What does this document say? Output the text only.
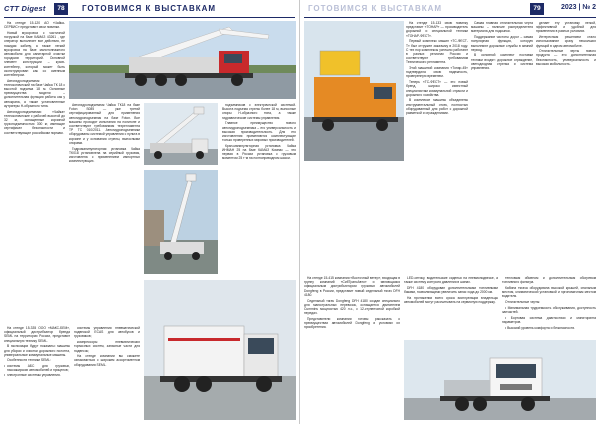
CTT Digest	78	ГОТОВИМСЯ К ВЫСТАВКАМ

На стенде 15-120 АО «Чайка-СЕРВИС» представит свои новинки.

Новый мусоровоз с частичной погрузкой на базе КАМАЗ 43261 , где оператор выполняет все действия, не покидая кабину, а также легкий мусоровоз на базе малотоннажного автомобиля для санитарной очистки городских территорий. Основной элемент конструкции – кузов-контейнер, который может быть сконструирован как со сменным контейнером.

Автогидроподъемник телескопический на базе Чайка ТК 18 с высотой подъема 18 м. Основные преимущества модели – дополнительная функция работы как у автокрана, а также установленные аутригеры Н-образного типа.

Автогидроподъемники «Чайка» телескопические с рабочей высотой до 32 м, оснащенные корзиной грузоподъемностью 300 кг, имеющие сертификат безопасности и соответствующие российским нормам.

Автогидроподъемник Чайка ТК18 на базе Foton S085 — уже третий сертифицированный для применения автогидроподъемник на базе Foton. Все машины проходят испытания на полигоне и соответствуют требованиям техрегламента ТР ТС 010/2011. Автогидроподъемники оборудованы системой управления с пульта в корзине и у основания стрелы, выносными опорами.

Гидроманипуляторная установка Чайка TK018 установлена на серийный грузовик, изготовлена с применением импортных комплектующих.

подъемников с электрической системой. Высота подъема стрелы более 18 м, выносные опоры Н-образного типа, а также гидравлические системы управления.

Главное преимущество нового автогидроподъемника – его универсальность и высокая производительность. Для его изготовления применяются комплектующие только проверенных мировых производителей.

Кран-манипуляторная установка Чайка ИНМАН 25 на базе КАМАЗ Компас — это первая в России установка с грузовым моментом 25 т·м на полноприводном шасси.

На стенде 15-335 ООО «МАКС-БЕМ», официальный дистрибьютор бренда SEML на территории России, представит специальную технику SEML.

В экспозиции будут показаны: машины для уборки и очистки дорожного полотна, универсальные коммунальные машины.

Особенности техники SEML:

• системы АБС для грузовых, пассажирских автомобилей и прицепов;
• электронные системы управления.

системы управления пневматической подвеской ECAS для автобусов и грузовиков;

компрессоры пневматических тормозных систем, запасные части для подвесок;

На стенде компании вы сможете ознакомиться с широким ассортиментом оборудования SEML.

ГОТОВИМСЯ К ВЫСТАВКАМ	79	2023 | № 2

На стенде 15-133 свою новинку представит «ТОНАР» — производитель дорожной и специальной техники «ТОНАР-ФЕСТ».

Первый комплекс машин «ТС-ФЕСТ-Т» был отгружен заказчику в 2018 году. С тех пор комплексы успешно работают в разных регионах России и соответствуют требованиям Технического регламента.

Этой машиной компания «Тонар-45» подтвердила свою надежность, проверенную временем.

Теперь «ТС-ФЕСТ» — это новый бренд, широко известный специалистам коммунальной отрасли и дорожного хозяйства.

В комплексе машины объединены инструментальный отсек, полностью оборудованный для работ с дорожной разметкой и ограждениями.

Самая главная отличительная черта машины – наличие распределителя материала для подсыпки.

Поддержание чистоты дорог – самая популярная функция, которую выполняют дорожные службы в зимний период.

В основной комплект поставки техники входят: дорожное ограждение, светодиодная стрелка и система управления.

делает эту установку легкой, эффективной и удобной для применения в разных условиях.

Интересным решением стало использование сразу нескольких функций в одном автомобиле.

Отличительные черты нового продукта — это дополнительная безопасность, универсальность и высокая мобильность.

На стенде 15-415 компания «Восточный ветер», входящая в группу компаний «СибТрансАвто» и являющаяся официальным дистрибьютором грузовых автомобилей Dongfeng в России, представит новый седельный тягач DFH 4180.

Седельный тягач Dongfeng DFH 4180 создан специально для магистральных перевозок, оснащается двигателем Cummins мощностью 420 л.с., с 12-ступенчатой коробкой передач.

Представители компании готовы рассказать о преимуществах автомобилей Dongfeng и условиях их приобретения.

LED-оптику, водительские сиденья на пневмоподвеске, а также систему контроля давления в шинах.

DFH 4180 оборудован дополнительными топливными баками, позволяющими увеличить запас хода до 2000 км.

На протяжении всего срока эксплуатации владельцы автомобилей могут рассчитывать на сервисную поддержку.

тепловым обменом и дополнительным обогревом топливного фильтра.

Кабина тягача оборудована высокой крышей, спальным местом, климатической установкой и эргономичным местом водителя.

Отличительные черты:

• Минимальная трудоемкость обслуживания, доступность запчастей.

• Бортовая система диагностики и мониторинга параметров.

• Высокий уровень комфорта и безопасности.
